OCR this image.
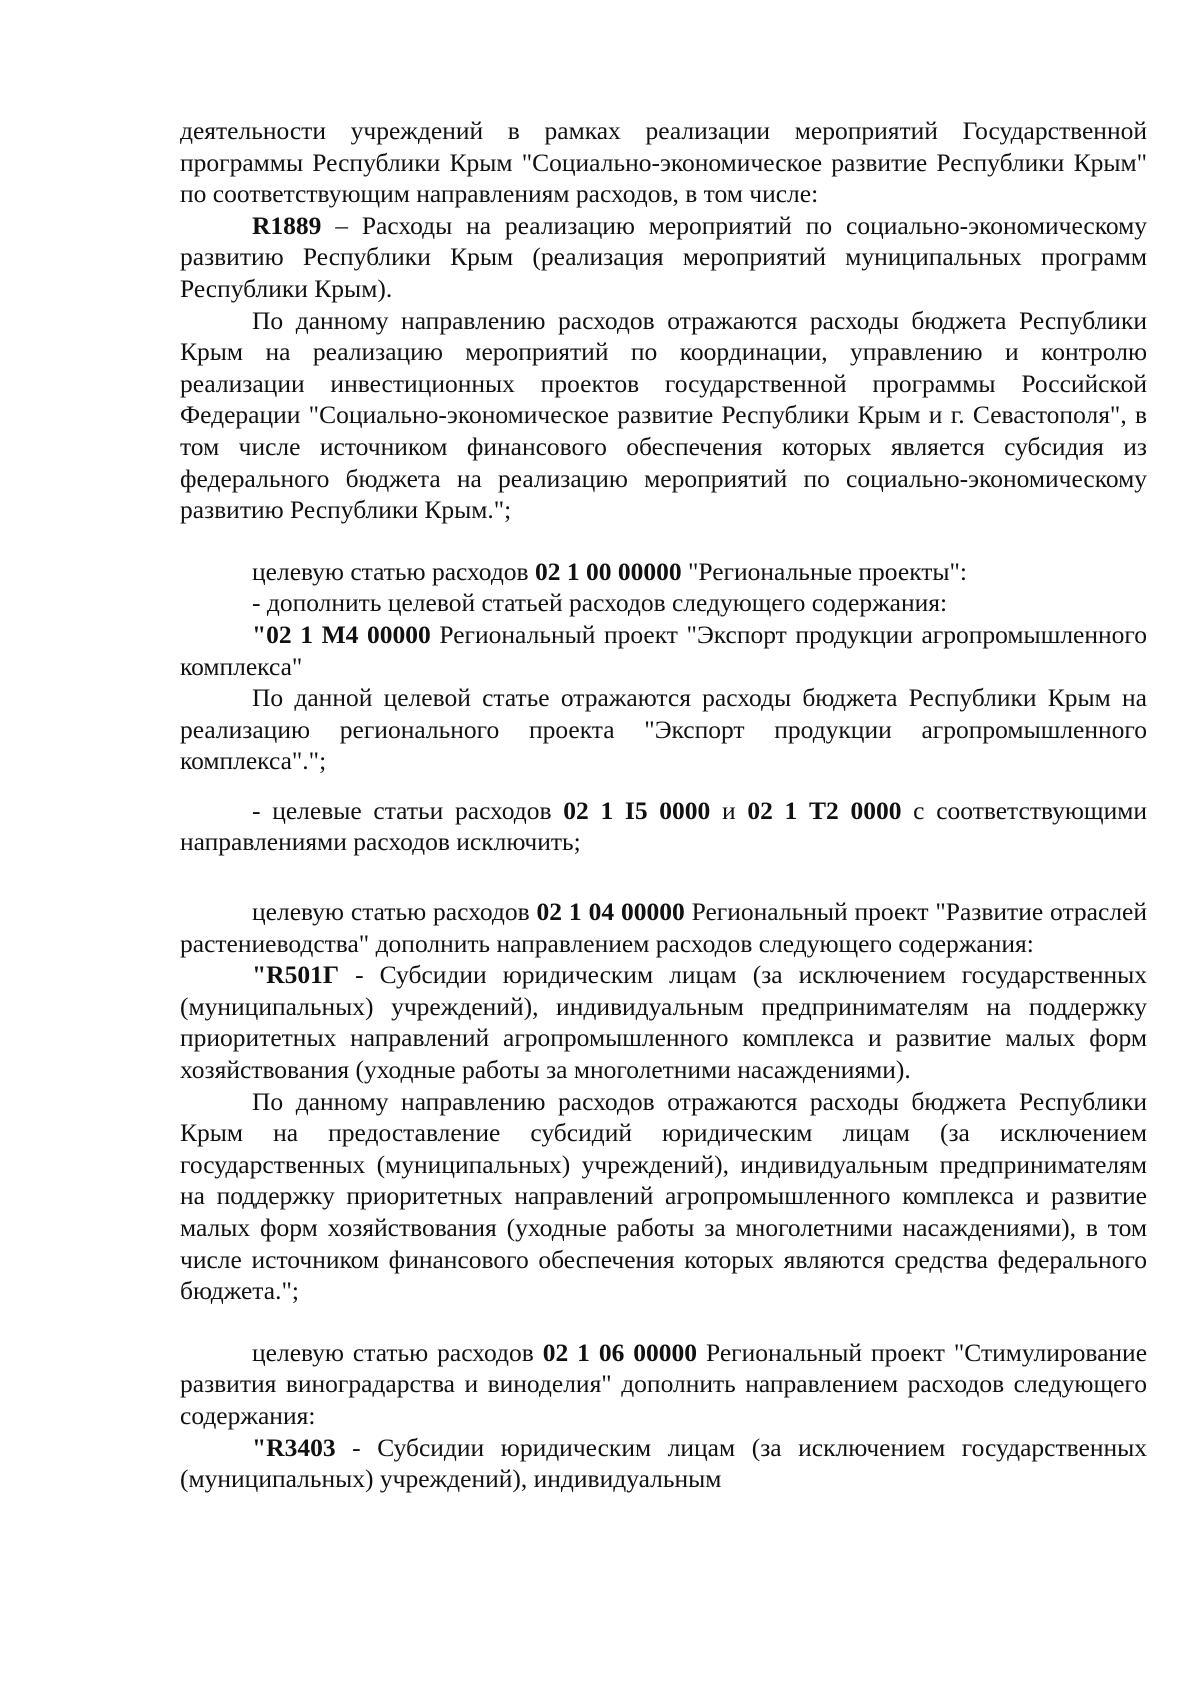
деятельности учреждений в рамках реализации мероприятий Государственной программы Республики Крым "Социально-экономическое развитие Республики Крым" по соответствующим направлениям расходов, в том числе:

R1889 – Расходы на реализацию мероприятий по социально-экономическому развитию Республики Крым (реализация мероприятий муниципальных программ Республики Крым).

По данному направлению расходов отражаются расходы бюджета Республики Крым на реализацию мероприятий по координации, управлению и контролю реализации инвестиционных проектов государственной программы Российской Федерации "Социально-экономическое развитие Республики Крым и г. Севастополя", в том числе источником финансового обеспечения которых является субсидия из федерального бюджета на реализацию мероприятий по социально-экономическому развитию Республики Крым.";

целевую статью расходов 02 1 00 00000 "Региональные проекты":

- дополнить целевой статьей расходов следующего содержания:

"02 1 M4 00000 Региональный проект "Экспорт продукции агропромышленного комплекса"

По данной целевой статье отражаются расходы бюджета Республики Крым на реализацию регионального проекта "Экспорт продукции агропромышленного комплекса".";

- целевые статьи расходов 02 1 I5 0000 и 02 1 T2 0000 с соответствующими направлениями расходов исключить;

целевую статью расходов 02 1 04 00000 Региональный проект "Развитие отраслей растениеводства" дополнить направлением расходов следующего содержания:

"R501Г - Субсидии юридическим лицам (за исключением государственных (муниципальных) учреждений), индивидуальным предпринимателям на поддержку приоритетных направлений агропромышленного комплекса и развитие малых форм хозяйствования (уходные работы за многолетними насаждениями).

По данному направлению расходов отражаются расходы бюджета Республики Крым на предоставление субсидий юридическим лицам (за исключением государственных (муниципальных) учреждений), индивидуальным предпринимателям на поддержку приоритетных направлений агропромышленного комплекса и развитие малых форм хозяйствования (уходные работы за многолетними насаждениями), в том числе источником финансового обеспечения которых являются средства федерального бюджета.";

целевую статью расходов 02 1 06 00000 Региональный проект "Стимулирование развития виноградарства и виноделия" дополнить направлением расходов следующего содержания:

"R3403 - Субсидии юридическим лицам (за исключением государственных (муниципальных) учреждений), индивидуальным
